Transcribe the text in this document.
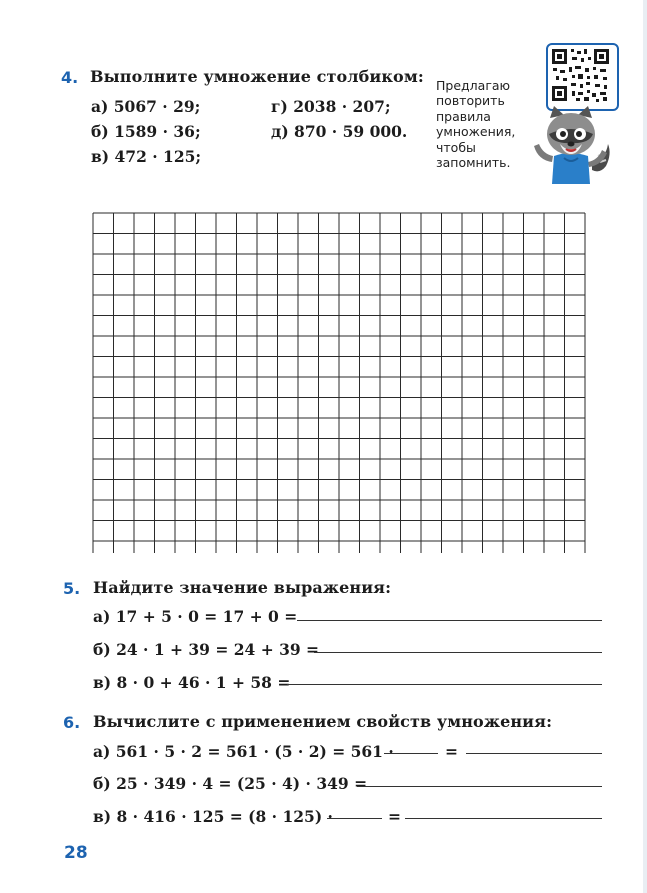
4. Выполните умножение столбиком:
а) 5067 · 29;
б) 1589 · 36;
в) 472 · 125;
г) 2038 · 207;
д) 870 · 59 000.
Предлагаю
повторить
правила
умножения,
чтобы
запомнить.
5. Найдите значение выражения:
а) 17 + 5 · 0 = 17 + 0 =
б) 24 · 1 + 39 = 24 + 39 =
в) 8 · 0 + 46 · 1 + 58 =
6. Вычислите с применением свойств умножения:
а) 561 · 5 · 2 = 561 · (5 · 2) = 561 ·	=
б) 25 · 349 · 4 = (25 · 4) · 349 =
в) 8 · 416 · 125 = (8 · 125) ·	=
28
